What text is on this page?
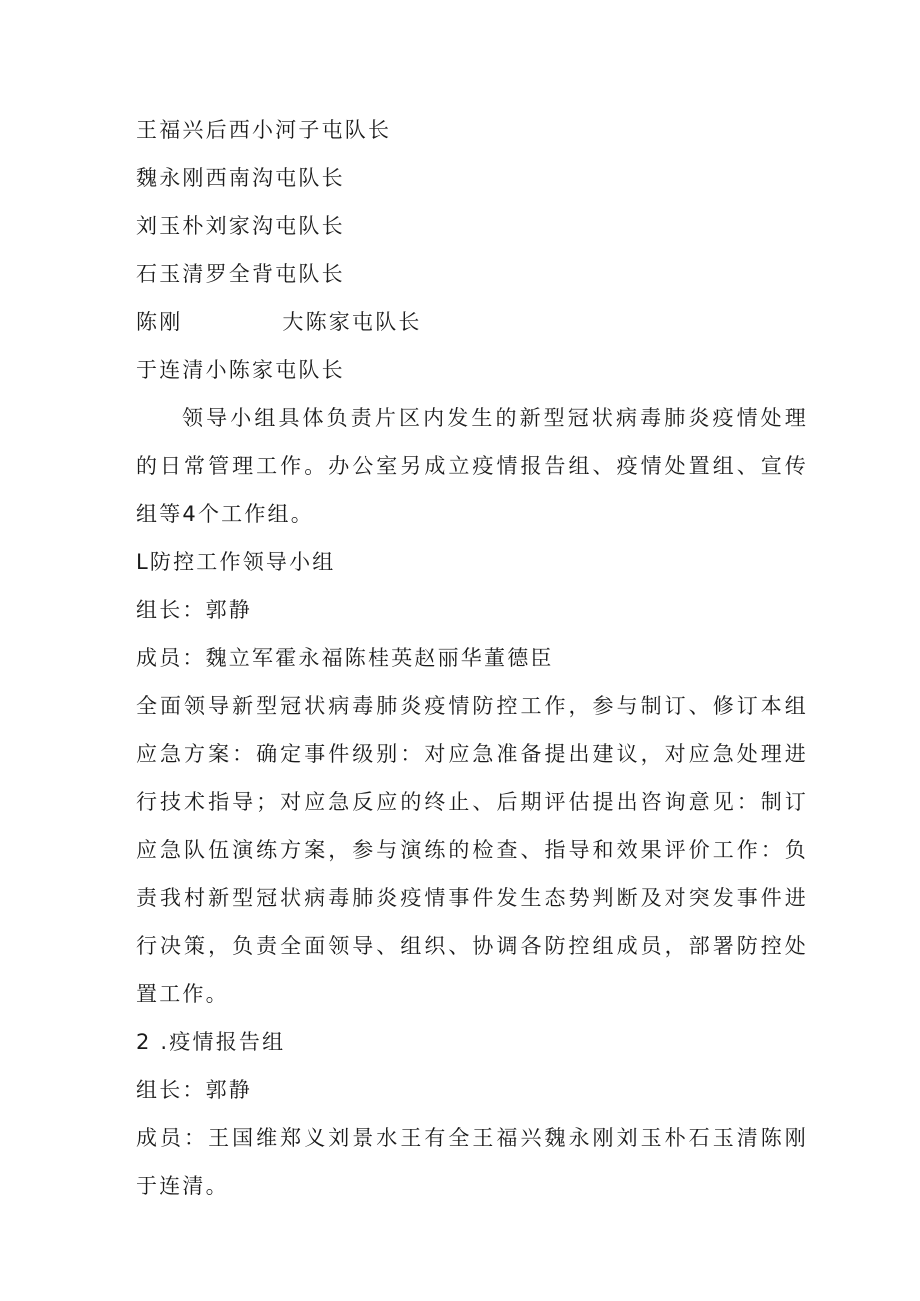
王福兴后西小河子屯队长
魏永刚西南沟屯队长
刘玉朴刘家沟屯队长
石玉清罗全背屯队长
陈刚	大陈家屯队长
于连清小陈家屯队长

领导小组具体负责片区内发生的新型冠状病毒肺炎疫情处理的日常管理工作。办公室另成立疫情报告组、疫情处置组、宣传组等4个工作组。

L防控工作领导小组
组长：郭静
成员：魏立军霍永福陈桂英赵丽华董德臣

全面领导新型冠状病毒肺炎疫情防控工作，参与制订、修订本组应急方案：确定事件级别：对应急准备提出建议，对应急处理进行技术指导；对应急反应的终止、后期评估提出咨询意见：制订应急队伍演练方案，参与演练的检查、指导和效果评价工作：负责我村新型冠状病毒肺炎疫情事件发生态势判断及对突发事件进行决策，负责全面领导、组织、协调各防控组成员，部署防控处置工作。

2 .疫情报告组
组长：郭静

成员：王国维郑义刘景水王有全王福兴魏永刚刘玉朴石玉清陈刚于连清。
